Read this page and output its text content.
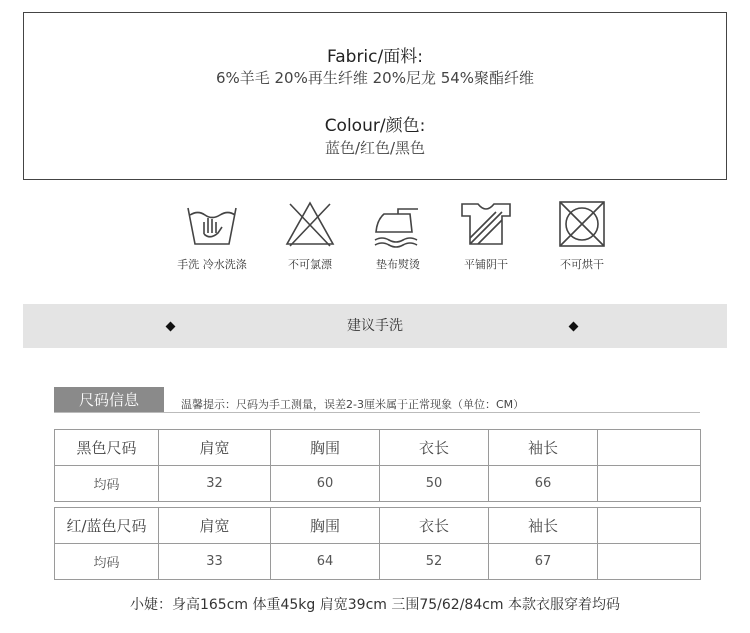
Fabric/面料:
6%羊毛 20%再生纤维 20%尼龙 54%聚酯纤维
Colour/颜色:
蓝色/红色/黑色
手洗 冷水洗涤	不可氯漂	垫布熨烫	平铺阴干	不可烘干
建议手洗
尺码信息	温馨提示：尺码为手工测量，误差2-3厘米属于正常现象（单位：CM）
黑色尺码	肩宽	胸围	衣长	袖长	
均码	32	60	50	66	
红/蓝色尺码	肩宽	胸围	衣长	袖长	
均码	33	64	52	67	
小婕：身高165cm 体重45kg 肩宽39cm 三围75/62/84cm 本款衣服穿着均码
